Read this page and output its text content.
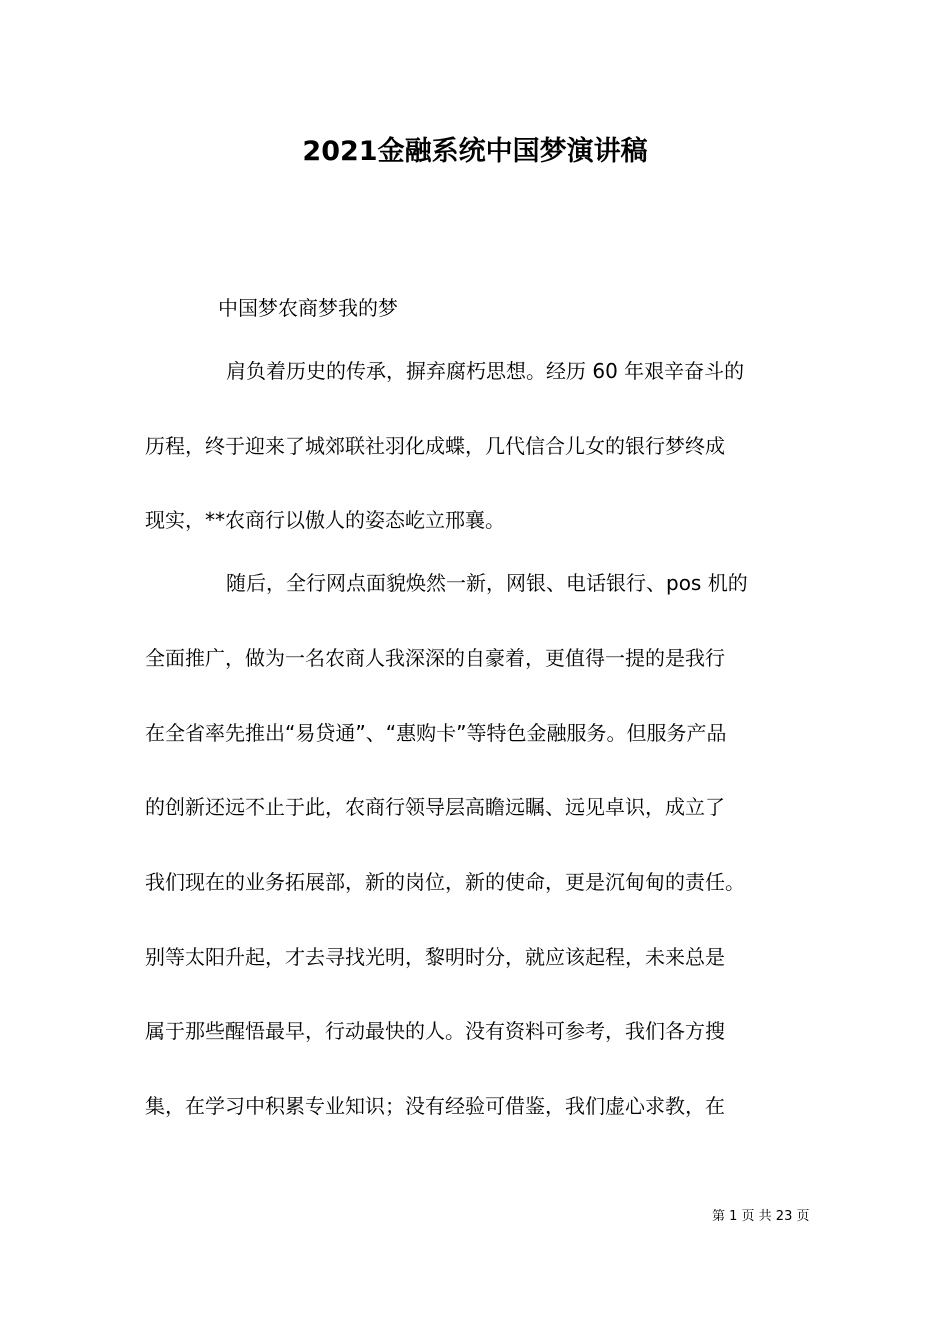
2021金融系统中国梦演讲稿
中国梦农商梦我的梦
肩负着历史的传承，摒弃腐朽思想。经历 60 年艰辛奋斗的
历程，终于迎来了城郊联社羽化成蝶，几代信合儿女的银行梦终成
现实，**农商行以傲人的姿态屹立邢襄。
随后，全行网点面貌焕然一新，网银、电话银行、pos 机的
全面推广，做为一名农商人我深深的自豪着，更值得一提的是我行
在全省率先推出“易贷通”、“惠购卡”等特色金融服务。但服务产品
的创新还远不止于此，农商行领导层高瞻远瞩、远见卓识，成立了
我们现在的业务拓展部，新的岗位，新的使命，更是沉甸甸的责任。
别等太阳升起，才去寻找光明，黎明时分，就应该起程，未来总是
属于那些醒悟最早，行动最快的人。没有资料可参考，我们各方搜
集，在学习中积累专业知识；没有经验可借鉴，我们虚心求教，在
第 1 页 共 23 页
